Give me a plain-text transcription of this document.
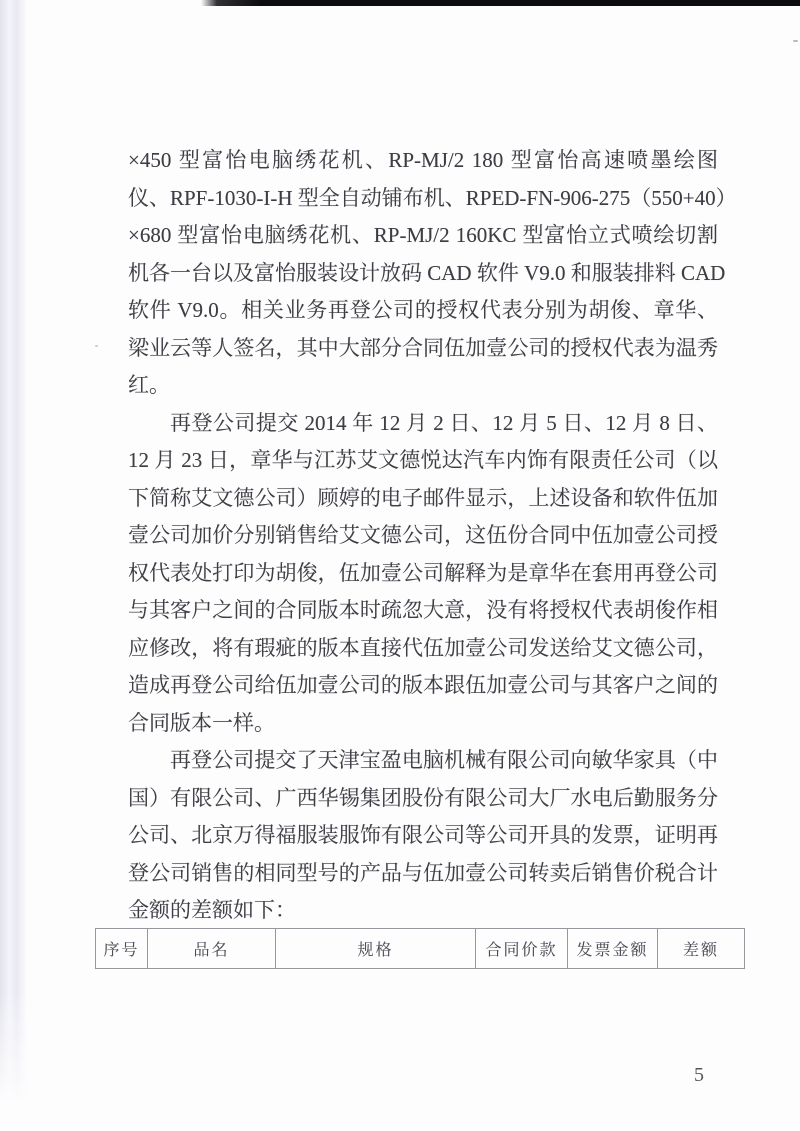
×450 型富怡电脑绣花机、RP-MJ/2 180 型富怡高速喷墨绘图
仪、RPF-1030-I-H 型全自动铺布机、RPED-FN-906-275（550+40）
×680 型富怡电脑绣花机、RP-MJ/2 160KC 型富怡立式喷绘切割
机各一台以及富怡服装设计放码 CAD 软件 V9.0 和服装排料 CAD
软件 V9.0。相关业务再登公司的授权代表分别为胡俊、章华、
梁业云等人签名，其中大部分合同伍加壹公司的授权代表为温秀
红。
再登公司提交 2014 年 12 月 2 日、12 月 5 日、12 月 8 日、
12 月 23 日，章华与江苏艾文德悦达汽车内饰有限责任公司（以
下简称艾文德公司）顾婷的电子邮件显示，上述设备和软件伍加
壹公司加价分别销售给艾文德公司，这伍份合同中伍加壹公司授
权代表处打印为胡俊，伍加壹公司解释为是章华在套用再登公司
与其客户之间的合同版本时疏忽大意，没有将授权代表胡俊作相
应修改，将有瑕疵的版本直接代伍加壹公司发送给艾文德公司，
造成再登公司给伍加壹公司的版本跟伍加壹公司与其客户之间的
合同版本一样。
再登公司提交了天津宝盈电脑机械有限公司向敏华家具（中
国）有限公司、广西华锡集团股份有限公司大厂水电后勤服务分
公司、北京万得福服装服饰有限公司等公司开具的发票，证明再
登公司销售的相同型号的产品与伍加壹公司转卖后销售价税合计
金额的差额如下：
序号	品名	规格	合同价款	发票金额	差额
5
